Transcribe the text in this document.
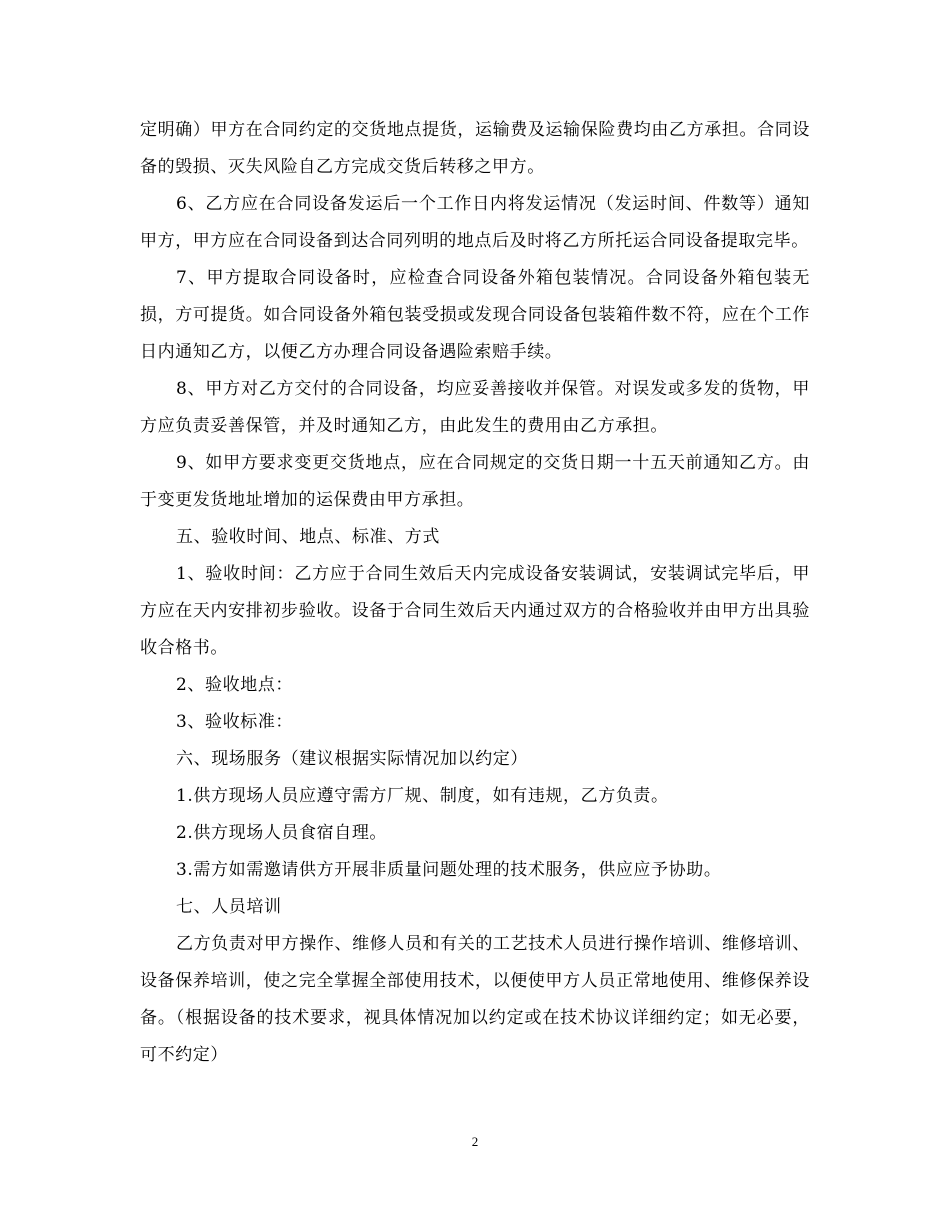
定明确）甲方在合同约定的交货地点提货，运输费及运输保险费均由乙方承担。合同设备的毁损、灭失风险自乙方完成交货后转移之甲方。

6、乙方应在合同设备发运后一个工作日内将发运情况（发运时间、件数等）通知甲方，甲方应在合同设备到达合同列明的地点后及时将乙方所托运合同设备提取完毕。

7、甲方提取合同设备时，应检查合同设备外箱包装情况。合同设备外箱包装无损，方可提货。如合同设备外箱包装受损或发现合同设备包装箱件数不符，应在个工作日内通知乙方，以便乙方办理合同设备遇险索赔手续。

8、甲方对乙方交付的合同设备，均应妥善接收并保管。对误发或多发的货物，甲方应负责妥善保管，并及时通知乙方，由此发生的费用由乙方承担。

9、如甲方要求变更交货地点，应在合同规定的交货日期一十五天前通知乙方。由于变更发货地址增加的运保费由甲方承担。

五、验收时间、地点、标准、方式

1、验收时间：乙方应于合同生效后天内完成设备安装调试，安装调试完毕后，甲方应在天内安排初步验收。设备于合同生效后天内通过双方的合格验收并由甲方出具验收合格书。

2、验收地点：

3、验收标准：

六、现场服务（建议根据实际情况加以约定）

1.供方现场人员应遵守需方厂规、制度，如有违规，乙方负责。

2.供方现场人员食宿自理。

3.需方如需邀请供方开展非质量问题处理的技术服务，供应应予协助。

七、人员培训

乙方负责对甲方操作、维修人员和有关的工艺技术人员进行操作培训、维修培训、设备保养培训，使之完全掌握全部使用技术，以便使甲方人员正常地使用、维修保养设备。（根据设备的技术要求，视具体情况加以约定或在技术协议详细约定；如无必要，可不约定）

2
